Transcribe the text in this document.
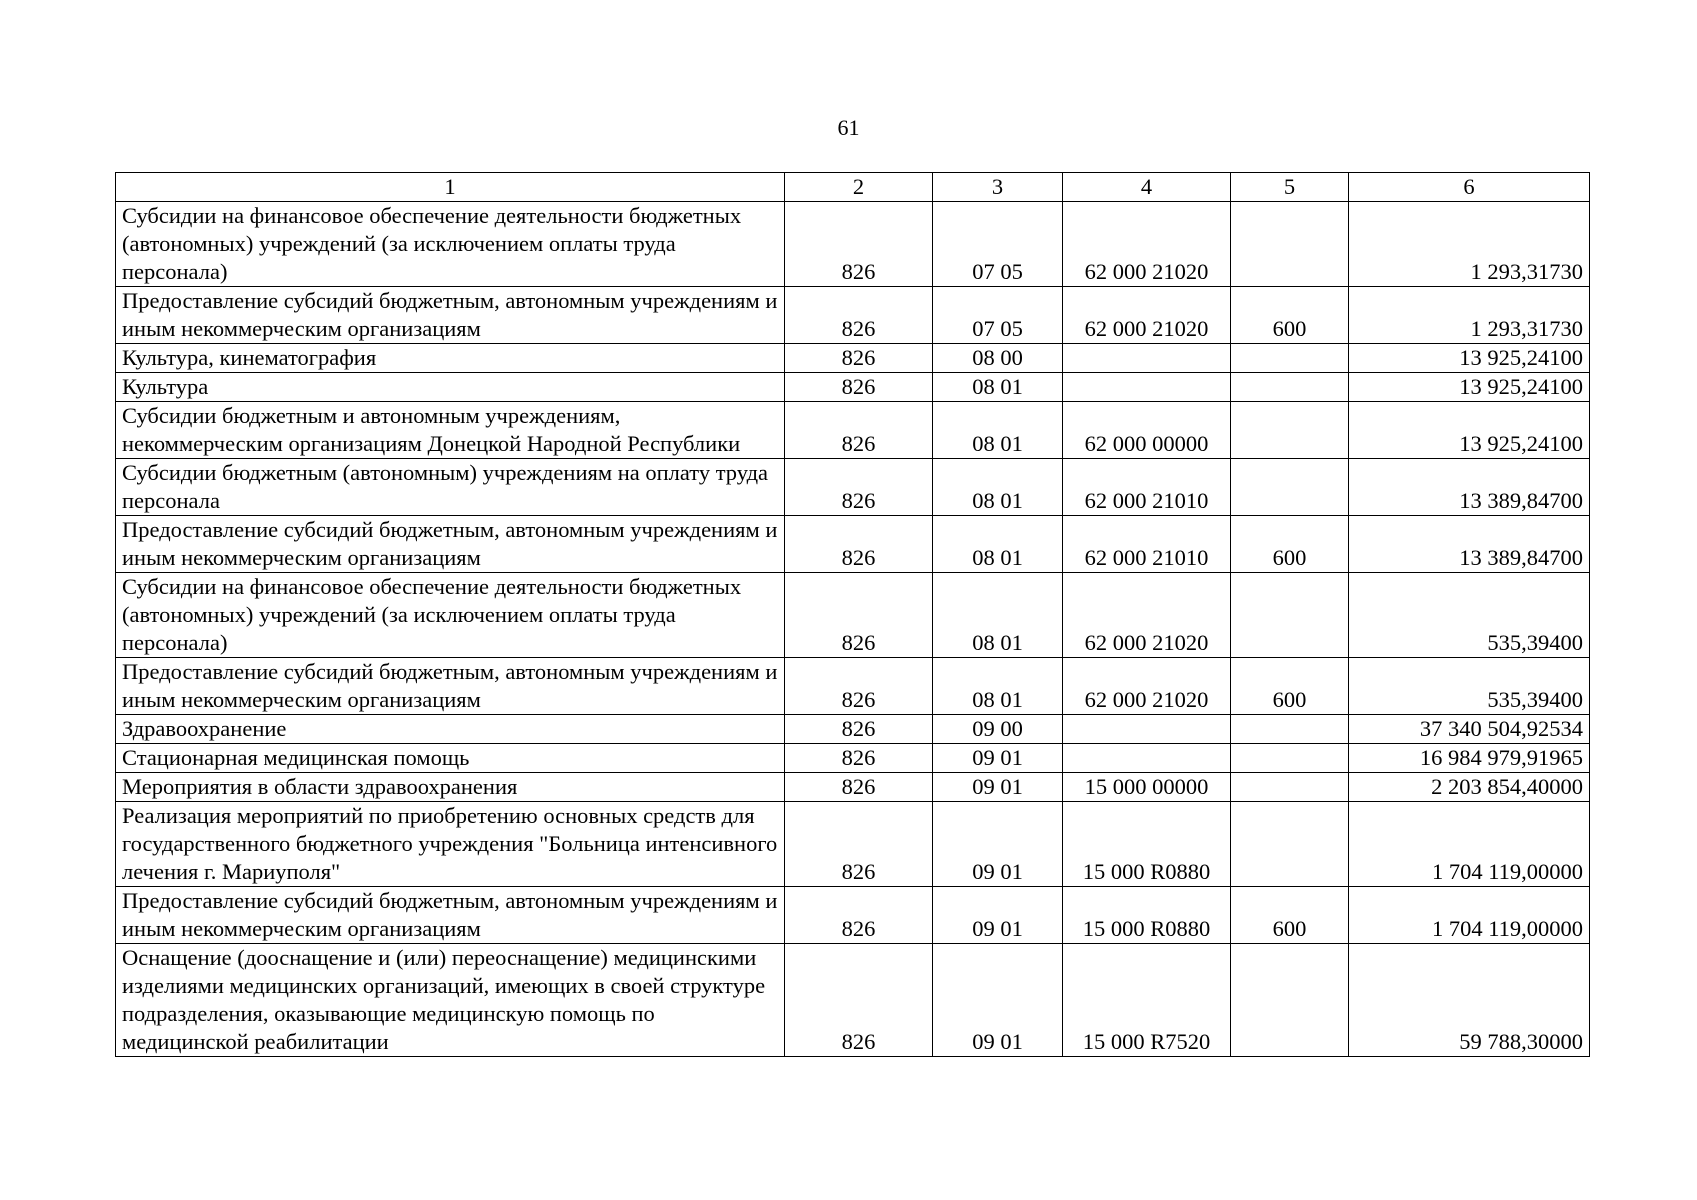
61
1	2	3	4	5	6
Субсидии на финансовое обеспечение деятельности бюджетных (автономных) учреждений (за исключением оплаты труда персонала)	826	07 05	62 000 21020		1 293,31730
Предоставление субсидий бюджетным, автономным учреждениям и иным некоммерческим организациям	826	07 05	62 000 21020	600	1 293,31730
Культура, кинематография	826	08 00			13 925,24100
Культура	826	08 01			13 925,24100
Субсидии бюджетным и автономным учреждениям, некоммерческим организациям Донецкой Народной Республики	826	08 01	62 000 00000		13 925,24100
Субсидии бюджетным (автономным) учреждениям на оплату труда персонала	826	08 01	62 000 21010		13 389,84700
Предоставление субсидий бюджетным, автономным учреждениям и иным некоммерческим организациям	826	08 01	62 000 21010	600	13 389,84700
Субсидии на финансовое обеспечение деятельности бюджетных (автономных) учреждений (за исключением оплаты труда персонала)	826	08 01	62 000 21020		535,39400
Предоставление субсидий бюджетным, автономным учреждениям и иным некоммерческим организациям	826	08 01	62 000 21020	600	535,39400
Здравоохранение	826	09 00			37 340 504,92534
Стационарная медицинская помощь	826	09 01			16 984 979,91965
Мероприятия в области здравоохранения	826	09 01	15 000 00000		2 203 854,40000
Реализация мероприятий по приобретению основных средств для государственного бюджетного учреждения "Больница интенсивного лечения г. Мариуполя"	826	09 01	15 000 R0880		1 704 119,00000
Предоставление субсидий бюджетным, автономным учреждениям и иным некоммерческим организациям	826	09 01	15 000 R0880	600	1 704 119,00000
Оснащение (дооснащение и (или) переоснащение) медицинскими изделиями медицинских организаций, имеющих в своей структуре подразделения, оказывающие медицинскую помощь по медицинской реабилитации	826	09 01	15 000 R7520		59 788,30000
